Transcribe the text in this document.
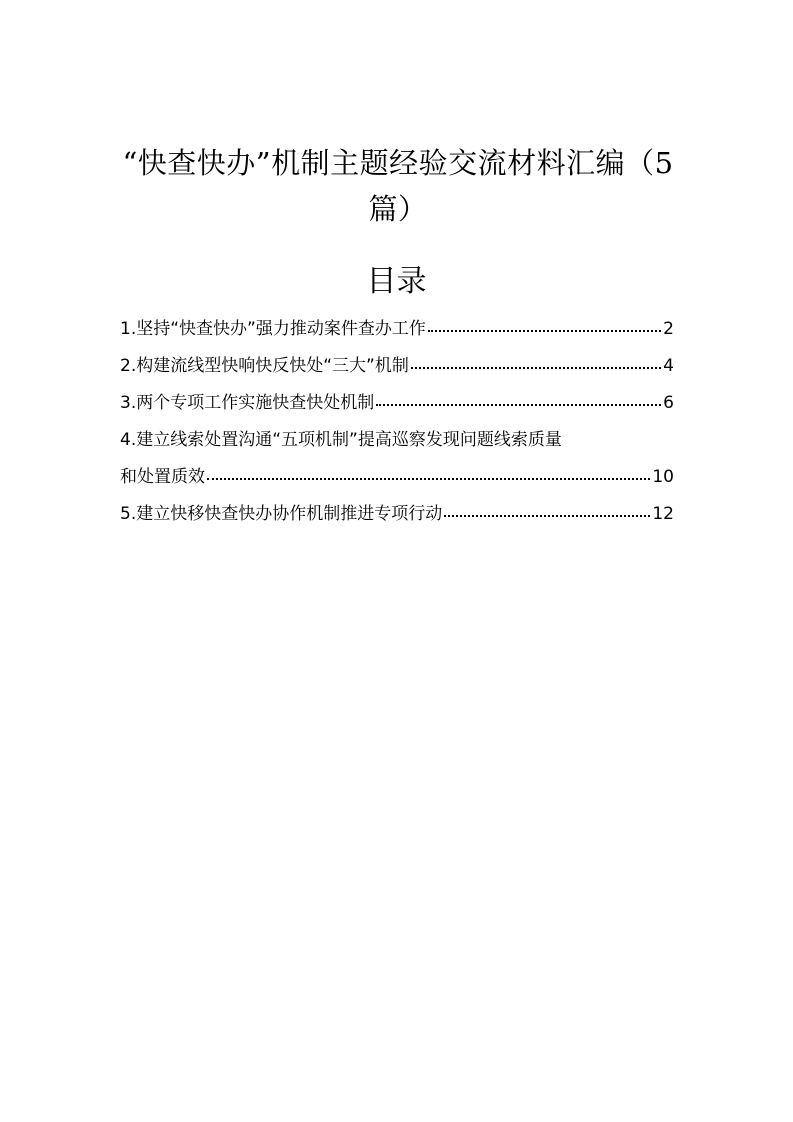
“快查快办”机制主题经验交流材料汇编（5篇）
目录
1.坚持“快查快办”强力推动案件查办工作	2
2.构建流线型快响快反快处“三大”机制	4
3.两个专项工作实施快查快处机制	6
4.建立线索处置沟通“五项机制”提高巡察发现问题线索质量
和处置质效	10
5.建立快移快查快办协作机制推进专项行动	12
